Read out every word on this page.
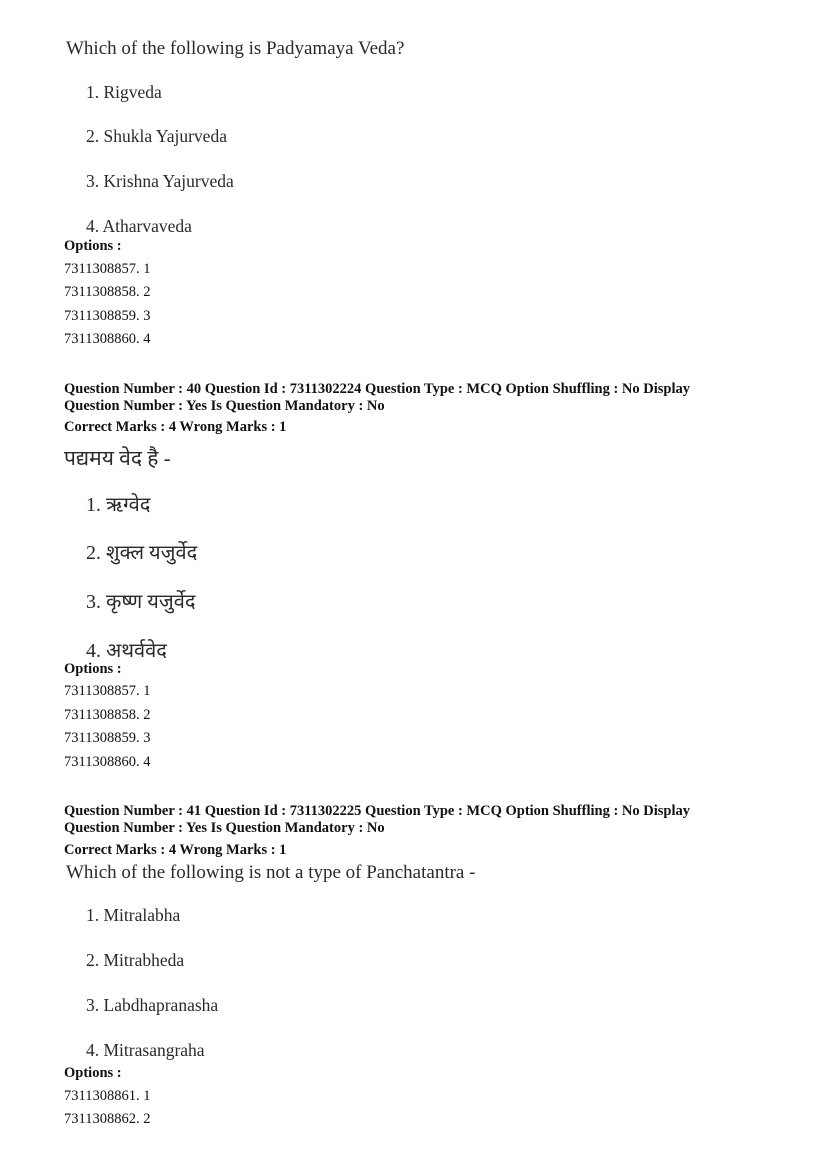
Which of the following is Padyamaya Veda?
1. Rigveda
2. Shukla Yajurveda
3. Krishna Yajurveda
4. Atharvaveda
Options :
7311308857. 1
7311308858. 2
7311308859. 3
7311308860. 4
Question Number : 40 Question Id : 7311302224 Question Type : MCQ Option Shuffling : No Display
Question Number : Yes Is Question Mandatory : No
Correct Marks : 4 Wrong Marks : 1
पद्यमय वेद है -
1. ऋग्वेद
2. शुक्ल यजुर्वेद
3. कृष्ण यजुर्वेद
4. अथर्ववेद
Options :
7311308857. 1
7311308858. 2
7311308859. 3
7311308860. 4
Question Number : 41 Question Id : 7311302225 Question Type : MCQ Option Shuffling : No Display
Question Number : Yes Is Question Mandatory : No
Correct Marks : 4 Wrong Marks : 1
Which of the following is not a type of Panchatantra -
1. Mitralabha
2. Mitrabheda
3. Labdhapranasha
4. Mitrasangraha
Options :
7311308861. 1
7311308862. 2
